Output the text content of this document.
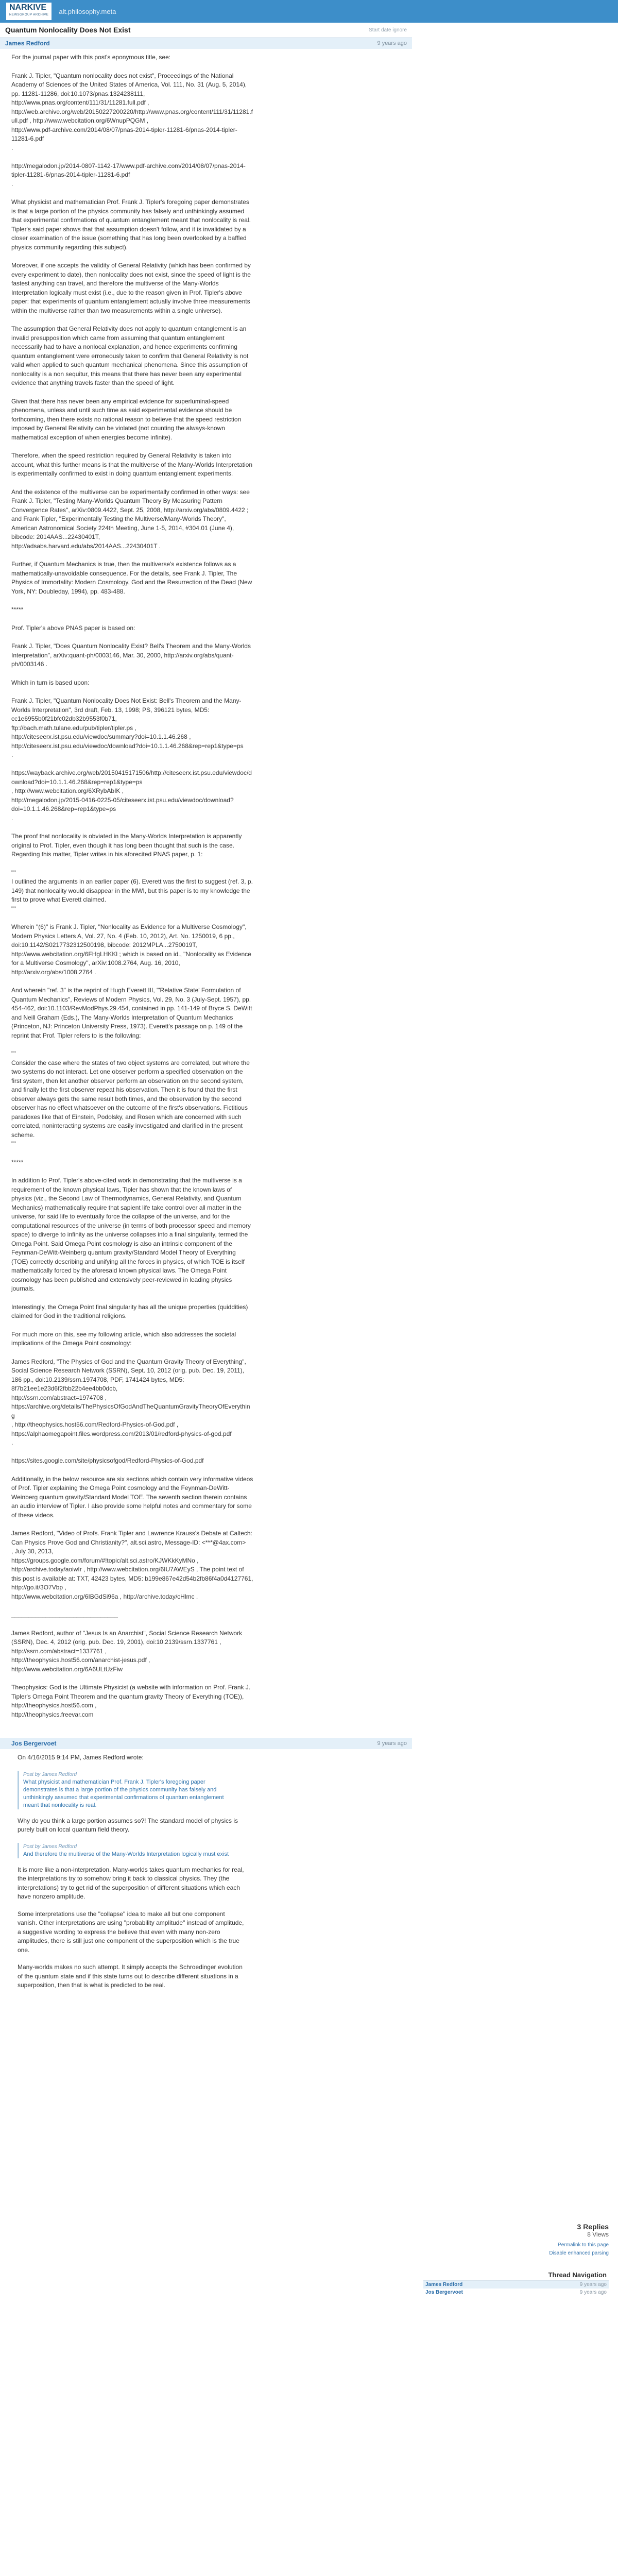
NARKIVE
NEWSGROUP ARCHIVE alt.philosophy.meta
Quantum Nonlocality Does Not Exist	Start date ignore
James Redford	9 years ago

For the journal paper with this post's eponymous title, see:

Frank J. Tipler, "Quantum nonlocality does not exist", Proceedings of the National Academy of Sciences of the United States of America, Vol. 111, No. 31 (Aug. 5, 2014), pp. 11281-11286, doi:10.1073/pnas.1324238111,
http://www.pnas.org/content/111/31/11281.full.pdf ,
http://web.archive.org/web/20150227200220/http://www.pnas.org/content/111/31/11281.full.pdf , http://www.webcitation.org/6WnupPQGM ,
http://www.pdf-archive.com/2014/08/07/pnas-2014-tipler-11281-6/pnas-2014-tipler-11281-6.pdf
.

http://megalodon.jp/2014-0807-1142-17/www.pdf-archive.com/2014/08/07/pnas-2014-tipler-11281-6/pnas-2014-tipler-11281-6.pdf
.

What physicist and mathematician Prof. Frank J. Tipler's foregoing paper demonstrates is that a large portion of the physics community has falsely and unthinkingly assumed that experimental confirmations of quantum entanglement meant that nonlocality is real. Tipler's said paper shows that that assumption doesn't follow, and it is invalidated by a closer examination of the issue (something that has long been overlooked by a baffled physics community regarding this subject).

Moreover, if one accepts the validity of General Relativity (which has been confirmed by every experiment to date), then nonlocality does not exist, since the speed of light is the fastest anything can travel, and therefore the multiverse of the Many-Worlds Interpretation logically must exist (i.e., due to the reason given in Prof. Tipler's above paper: that experiments of quantum entanglement actually involve three measurements within the multiverse rather than two measurements within a single universe).

The assumption that General Relativity does not apply to quantum entanglement is an invalid presupposition which came from assuming that quantum entanglement necessarily had to have a nonlocal explanation, and hence experiments confirming quantum entanglement were erroneously taken to confirm that General Relativity is not valid when applied to such quantum mechanical phenomena. Since this assumption of nonlocality is a non sequitur, this means that there has never been any experimental evidence that anything travels faster than the speed of light.

Given that there has never been any empirical evidence for superluminal-speed phenomena, unless and until such time as said experimental evidence should be forthcoming, then there exists no rational reason to believe that the speed restriction imposed by General Relativity can be violated (not counting the always-known mathematical exception of when energies become infinite).

Therefore, when the speed restriction required by General Relativity is taken into account, what this further means is that the multiverse of the Many-Worlds Interpretation is experimentally confirmed to exist in doing quantum entanglement experiments.

And the existence of the multiverse can be experimentally confirmed in other ways: see Frank J. Tipler, "Testing Many-Worlds Quantum Theory By Measuring Pattern Convergence Rates", arXiv:0809.4422, Sept. 25, 2008, http://arxiv.org/abs/0809.4422 ; and Frank Tipler, "Experimentally Testing the Multiverse/Many-Worlds Theory", American Astronomical Society 224th Meeting, June 1-5, 2014, #304.01 (June 4), bibcode: 2014AAS...22430401T,
http://adsabs.harvard.edu/abs/2014AAS...22430401T .

Further, if Quantum Mechanics is true, then the multiverse's existence follows as a mathematically-unavoidable consequence. For the details, see Frank J. Tipler, The Physics of Immortality: Modern Cosmology, God and the Resurrection of the Dead (New York, NY: Doubleday, 1994), pp. 483-488.

*****

Prof. Tipler's above PNAS paper is based on:

Frank J. Tipler, "Does Quantum Nonlocality Exist? Bell's Theorem and the Many-Worlds Interpretation", arXiv:quant-ph/0003146, Mar. 30, 2000, http://arxiv.org/abs/quant-ph/0003146 .

Which in turn is based upon:

Frank J. Tipler, "Quantum Nonlocality Does Not Exist: Bell's Theorem and the Many-Worlds Interpretation", 3rd draft, Feb. 13, 1998; PS, 396121 bytes, MD5: cc1e6955b0f21bfc02db32b9553f0b71,
ftp://bach.math.tulane.edu/pub/tipler/tipler.ps ,
http://citeseerx.ist.psu.edu/viewdoc/summary?doi=10.1.1.46.268 ,
http://citeseerx.ist.psu.edu/viewdoc/download?doi=10.1.1.46.268&rep=rep1&type=ps
.

https://wayback.archive.org/web/20150415171506/http://citeseerx.ist.psu.edu/viewdoc/download?doi=10.1.1.46.268&rep=rep1&type=ps
, http://www.webcitation.org/6XRybAbIK ,
http://megalodon.jp/2015-0416-0225-05/citeseerx.ist.psu.edu/viewdoc/download?doi=10.1.1.46.268&rep=rep1&type=ps
.

The proof that nonlocality is obviated in the Many-Worlds Interpretation is apparently original to Prof. Tipler, even though it has long been thought that such is the case. Regarding this matter, Tipler writes in his aforecited PNAS paper, p. 1:

""
I outlined the arguments in an earlier paper (6). Everett was the first to suggest (ref. 3, p. 149) that nonlocality would disappear in the MWI, but this paper is to my knowledge the first to prove what Everett claimed.
""

Wherein "(6)" is Frank J. Tipler, "Nonlocality as Evidence for a Multiverse Cosmology", Modern Physics Letters A, Vol. 27, No. 4 (Feb. 10, 2012), Art. No. 1250019, 6 pp., doi:10.1142/S0217732312500198, bibcode: 2012MPLA...2750019T, http://www.webcitation.org/6FHgLHKKl ; which is based on id., "Nonlocality as Evidence for a Multiverse Cosmology", arXiv:1008.2764, Aug. 16, 2010, http://arxiv.org/abs/1008.2764 .

And wherein "ref. 3" is the reprint of Hugh Everett III, "'Relative State' Formulation of Quantum Mechanics", Reviews of Modern Physics, Vol. 29, No. 3 (July-Sept. 1957), pp. 454-462, doi:10.1103/RevModPhys.29.454, contained in pp. 141-149 of Bryce S. DeWitt and Neill Graham (Eds.), The Many-Worlds Interpretation of Quantum Mechanics (Princeton, NJ: Princeton University Press, 1973). Everett's passage on p. 149 of the reprint that Prof. Tipler refers to is the following:

""
Consider the case where the states of two object systems are correlated, but where the two systems do not interact. Let one observer perform a specified observation on the first system, then let another observer perform an observation on the second system, and finally let the first observer repeat his observation. Then it is found that the first observer always gets the same result both times, and the observation by the second observer has no effect whatsoever on the outcome of the first's observations. Fictitious paradoxes like that of Einstein, Podolsky, and Rosen which are concerned with such correlated, noninteracting systems are easily investigated and clarified in the present scheme.
""

*****

In addition to Prof. Tipler's above-cited work in demonstrating that the multiverse is a requirement of the known physical laws, Tipler has shown that the known laws of physics (viz., the Second Law of Thermodynamics, General Relativity, and Quantum Mechanics) mathematically require that sapient life take control over all matter in the universe, for said life to eventually force the collapse of the universe, and for the computational resources of the universe (in terms of both processor speed and memory space) to diverge to infinity as the universe collapses into a final singularity, termed the Omega Point. Said Omega Point cosmology is also an intrinsic component of the Feynman-DeWitt-Weinberg quantum gravity/Standard Model Theory of Everything (TOE) correctly describing and unifying all the forces in physics, of which TOE is itself mathematically forced by the aforesaid known physical laws. The Omega Point cosmology has been published and extensively peer-reviewed in leading physics journals.

Interestingly, the Omega Point final singularity has all the unique properties (quiddities) claimed for God in the traditional religions.

For much more on this, see my following article, which also addresses the societal implications of the Omega Point cosmology:

James Redford, "The Physics of God and the Quantum Gravity Theory of Everything", Social Science Research Network (SSRN), Sept. 10, 2012 (orig. pub. Dec. 19, 2011), 186 pp., doi:10.2139/ssrn.1974708, PDF, 1741424 bytes, MD5: 8f7b21ee1e23d6f2fbb22b4ee4bb0dcb,
http://ssrn.com/abstract=1974708 ,
https://archive.org/details/ThePhysicsOfGodAndTheQuantumGravityTheoryOfEverything
, http://theophysics.host56.com/Redford-Physics-of-God.pdf ,
https://alphaomegapoint.files.wordpress.com/2013/01/redford-physics-of-god.pdf
.

https://sites.google.com/site/physicsofgod/Redford-Physics-of-God.pdf

Additionally, in the below resource are six sections which contain very informative videos of Prof. Tipler explaining the Omega Point cosmology and the Feynman-DeWitt-Weinberg quantum gravity/Standard Model TOE. The seventh section therein contains an audio interview of Tipler. I also provide some helpful notes and commentary for some of these videos.

James Redford, "Video of Profs. Frank Tipler and Lawrence Krauss's Debate at Caltech: Can Physics Prove God and Christianity?", alt.sci.astro, Message-ID: <***@4ax.com>
, July 30, 2013,
https://groups.google.com/forum/#!topic/alt.sci.astro/KJWKkKyMNo ,
http://archive.today/aoiwIr , http://www.webcitation.org/6IU7AWEyS , The point text of this post is available at: TXT, 42423 bytes, MD5: b199e867e42d54b2fb86f4a0d4127761, http://go.it/3O7Vbp ,
http://www.webcitation.org/6IBGdSi96a , http://archive.today/cHlmc .

_______________________________

James Redford, author of "Jesus Is an Anarchist", Social Science Research Network (SSRN), Dec. 4, 2012 (orig. pub. Dec. 19, 2001), doi:10.2139/ssrn.1337761 , http://ssrn.com/abstract=1337761 ,
http://theophysics.host56.com/anarchist-jesus.pdf ,
http://www.webcitation.org/6A6ULtUzFiw

Theophysics: God is the Ultimate Physicist (a website with information on Prof. Frank J. Tipler's Omega Point Theorem and the quantum gravity Theory of Everything (TOE)), http://theophysics.host56.com ,
http://theophysics.freevar.com

Jos Bergervoet	9 years ago

On 4/16/2015 9:14 PM, James Redford wrote:

Post by James Redford
What physicist and mathematician Prof. Frank J. Tipler's foregoing paper demonstrates is that a large portion of the physics community has falsely and unthinkingly assumed that experimental confirmations of quantum entanglement meant that nonlocality is real.

Why do you think a large portion assumes so?! The standard model of physics is purely built on local quantum field theory.

Post by James Redford
And therefore the multiverse of the Many-Worlds Interpretation logically must exist

It is more like a non-interpretation. Many-worlds takes quantum mechanics for real, the interpretations try to somehow bring it back to classical physics. They (the interpretations) try to get rid of the superposition of different situations which each have nonzero amplitude.

Some interpretations use the "collapse" idea to make all but one component vanish. Other interpretations are using "probability amplitude" instead of amplitude, a suggestive wording to express the believe that even with many non-zero amplitudes, there is still just one component of the superposition which is the true one.

Many-worlds makes no such attempt. It simply accepts the Schroedinger evolution of the quantum state and if this state turns out to describe different situations in a superposition, then that is what is predicted to be real.

3 Replies
8 Views
Permalink to this page
Disable enhanced parsing
Thread Navigation
James Redford	9 years ago
Jos Bergervoet	9 years ago
